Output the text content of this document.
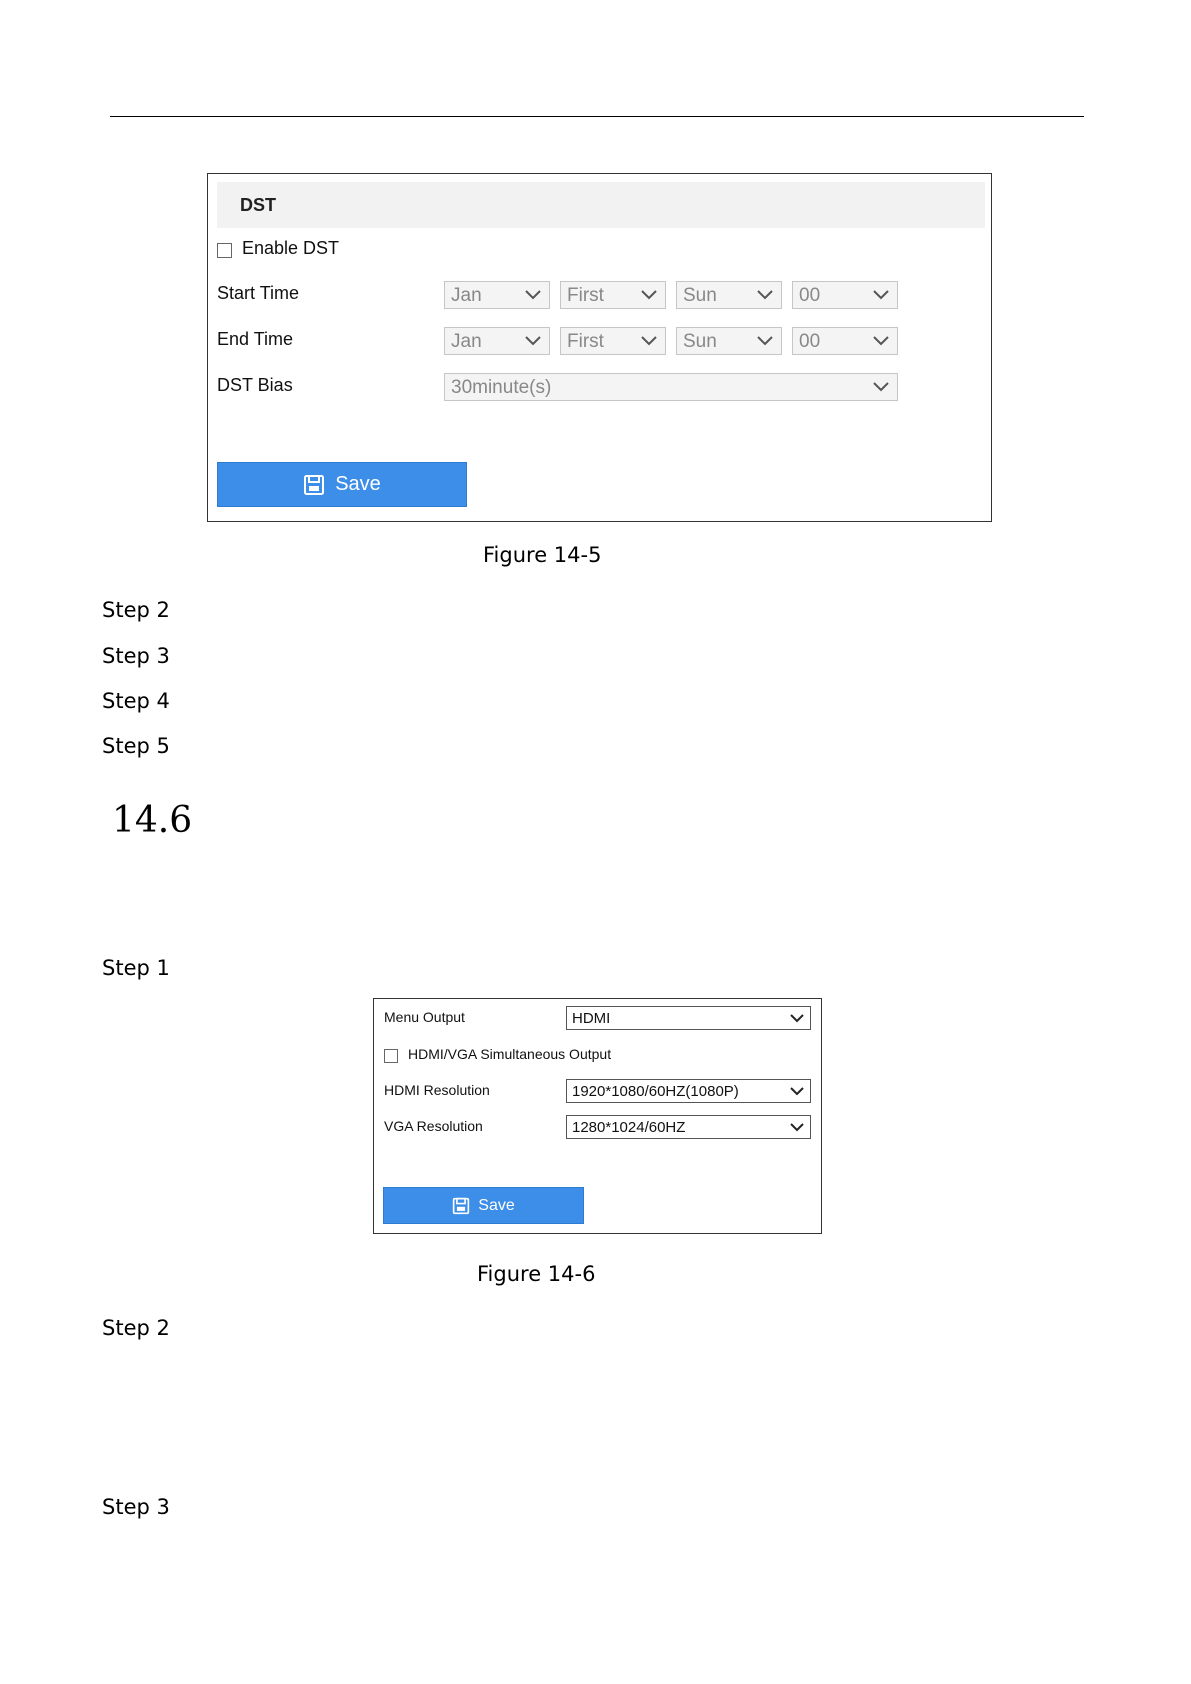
DST
Enable DST
Start Time	Jan	First	Sun	00
End Time	Jan	First	Sun	00
DST Bias	30minute(s)
Save
Figure 14-5
Step 2
Step 3
Step 4
Step 5
14.6
Step 1
Menu Output	HDMI
HDMI/VGA Simultaneous Output
HDMI Resolution	1920*1080/60HZ(1080P)
VGA Resolution	1280*1024/60HZ
Save
Figure 14-6
Step 2
Step 3
